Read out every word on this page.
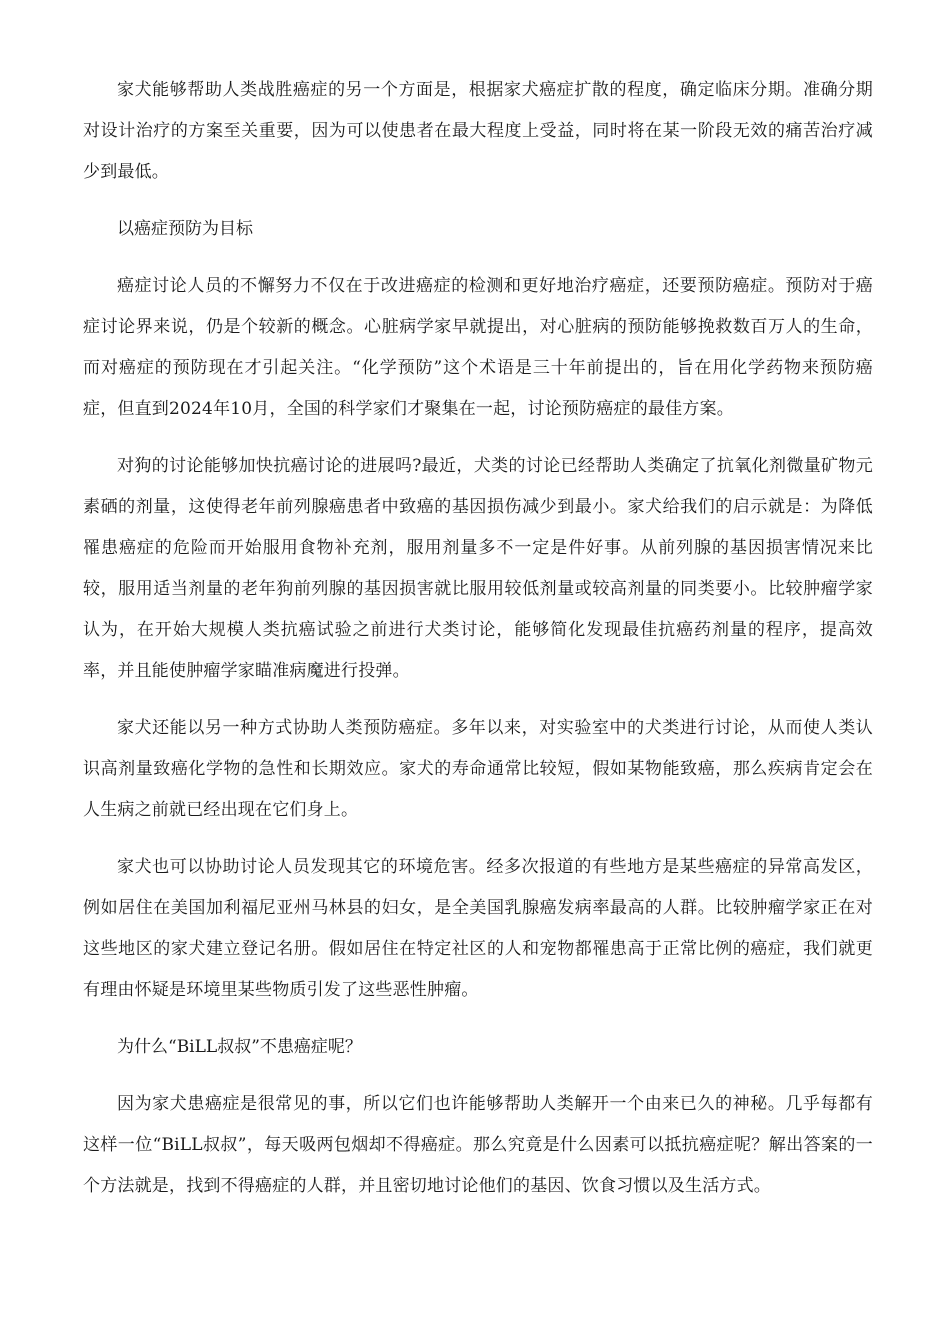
家犬能够帮助人类战胜癌症的另一个方面是，根据家犬癌症扩散的程度，确定临床分期。准确分期对设计治疗的方案至关重要，因为可以使患者在最大程度上受益，同时将在某一阶段无效的痛苦治疗减少到最低。

以癌症预防为目标

癌症讨论人员的不懈努力不仅在于改进癌症的检测和更好地治疗癌症，还要预防癌症。预防对于癌症讨论界来说，仍是个较新的概念。心脏病学家早就提出，对心脏病的预防能够挽救数百万人的生命，而对癌症的预防现在才引起关注。“化学预防”这个术语是三十年前提出的，旨在用化学药物来预防癌症，但直到2024年10月，全国的科学家们才聚集在一起，讨论预防癌症的最佳方案。

对狗的讨论能够加快抗癌讨论的进展吗?最近，犬类的讨论已经帮助人类确定了抗氧化剂微量矿物元素硒的剂量，这使得老年前列腺癌患者中致癌的基因损伤减少到最小。家犬给我们的启示就是：为降低罹患癌症的危险而开始服用食物补充剂，服用剂量多不一定是件好事。从前列腺的基因损害情况来比较，服用适当剂量的老年狗前列腺的基因损害就比服用较低剂量或较高剂量的同类要小。比较肿瘤学家认为，在开始大规模人类抗癌试验之前进行犬类讨论，能够简化发现最佳抗癌药剂量的程序，提高效率，并且能使肿瘤学家瞄准病魔进行投弹。

家犬还能以另一种方式协助人类预防癌症。多年以来，对实验室中的犬类进行讨论，从而使人类认识高剂量致癌化学物的急性和长期效应。家犬的寿命通常比较短，假如某物能致癌，那么疾病肯定会在人生病之前就已经出现在它们身上。

家犬也可以协助讨论人员发现其它的环境危害。经多次报道的有些地方是某些癌症的异常高发区，例如居住在美国加利福尼亚州马林县的妇女，是全美国乳腺癌发病率最高的人群。比较肿瘤学家正在对这些地区的家犬建立登记名册。假如居住在特定社区的人和宠物都罹患高于正常比例的癌症，我们就更有理由怀疑是环境里某些物质引发了这些恶性肿瘤。

为什么“BiLL叔叔”不患癌症呢？

因为家犬患癌症是很常见的事，所以它们也许能够帮助人类解开一个由来已久的神秘。几乎每都有这样一位“BiLL叔叔”，每天吸两包烟却不得癌症。那么究竟是什么因素可以抵抗癌症呢？解出答案的一个方法就是，找到不得癌症的人群，并且密切地讨论他们的基因、饮食习惯以及生活方式。
